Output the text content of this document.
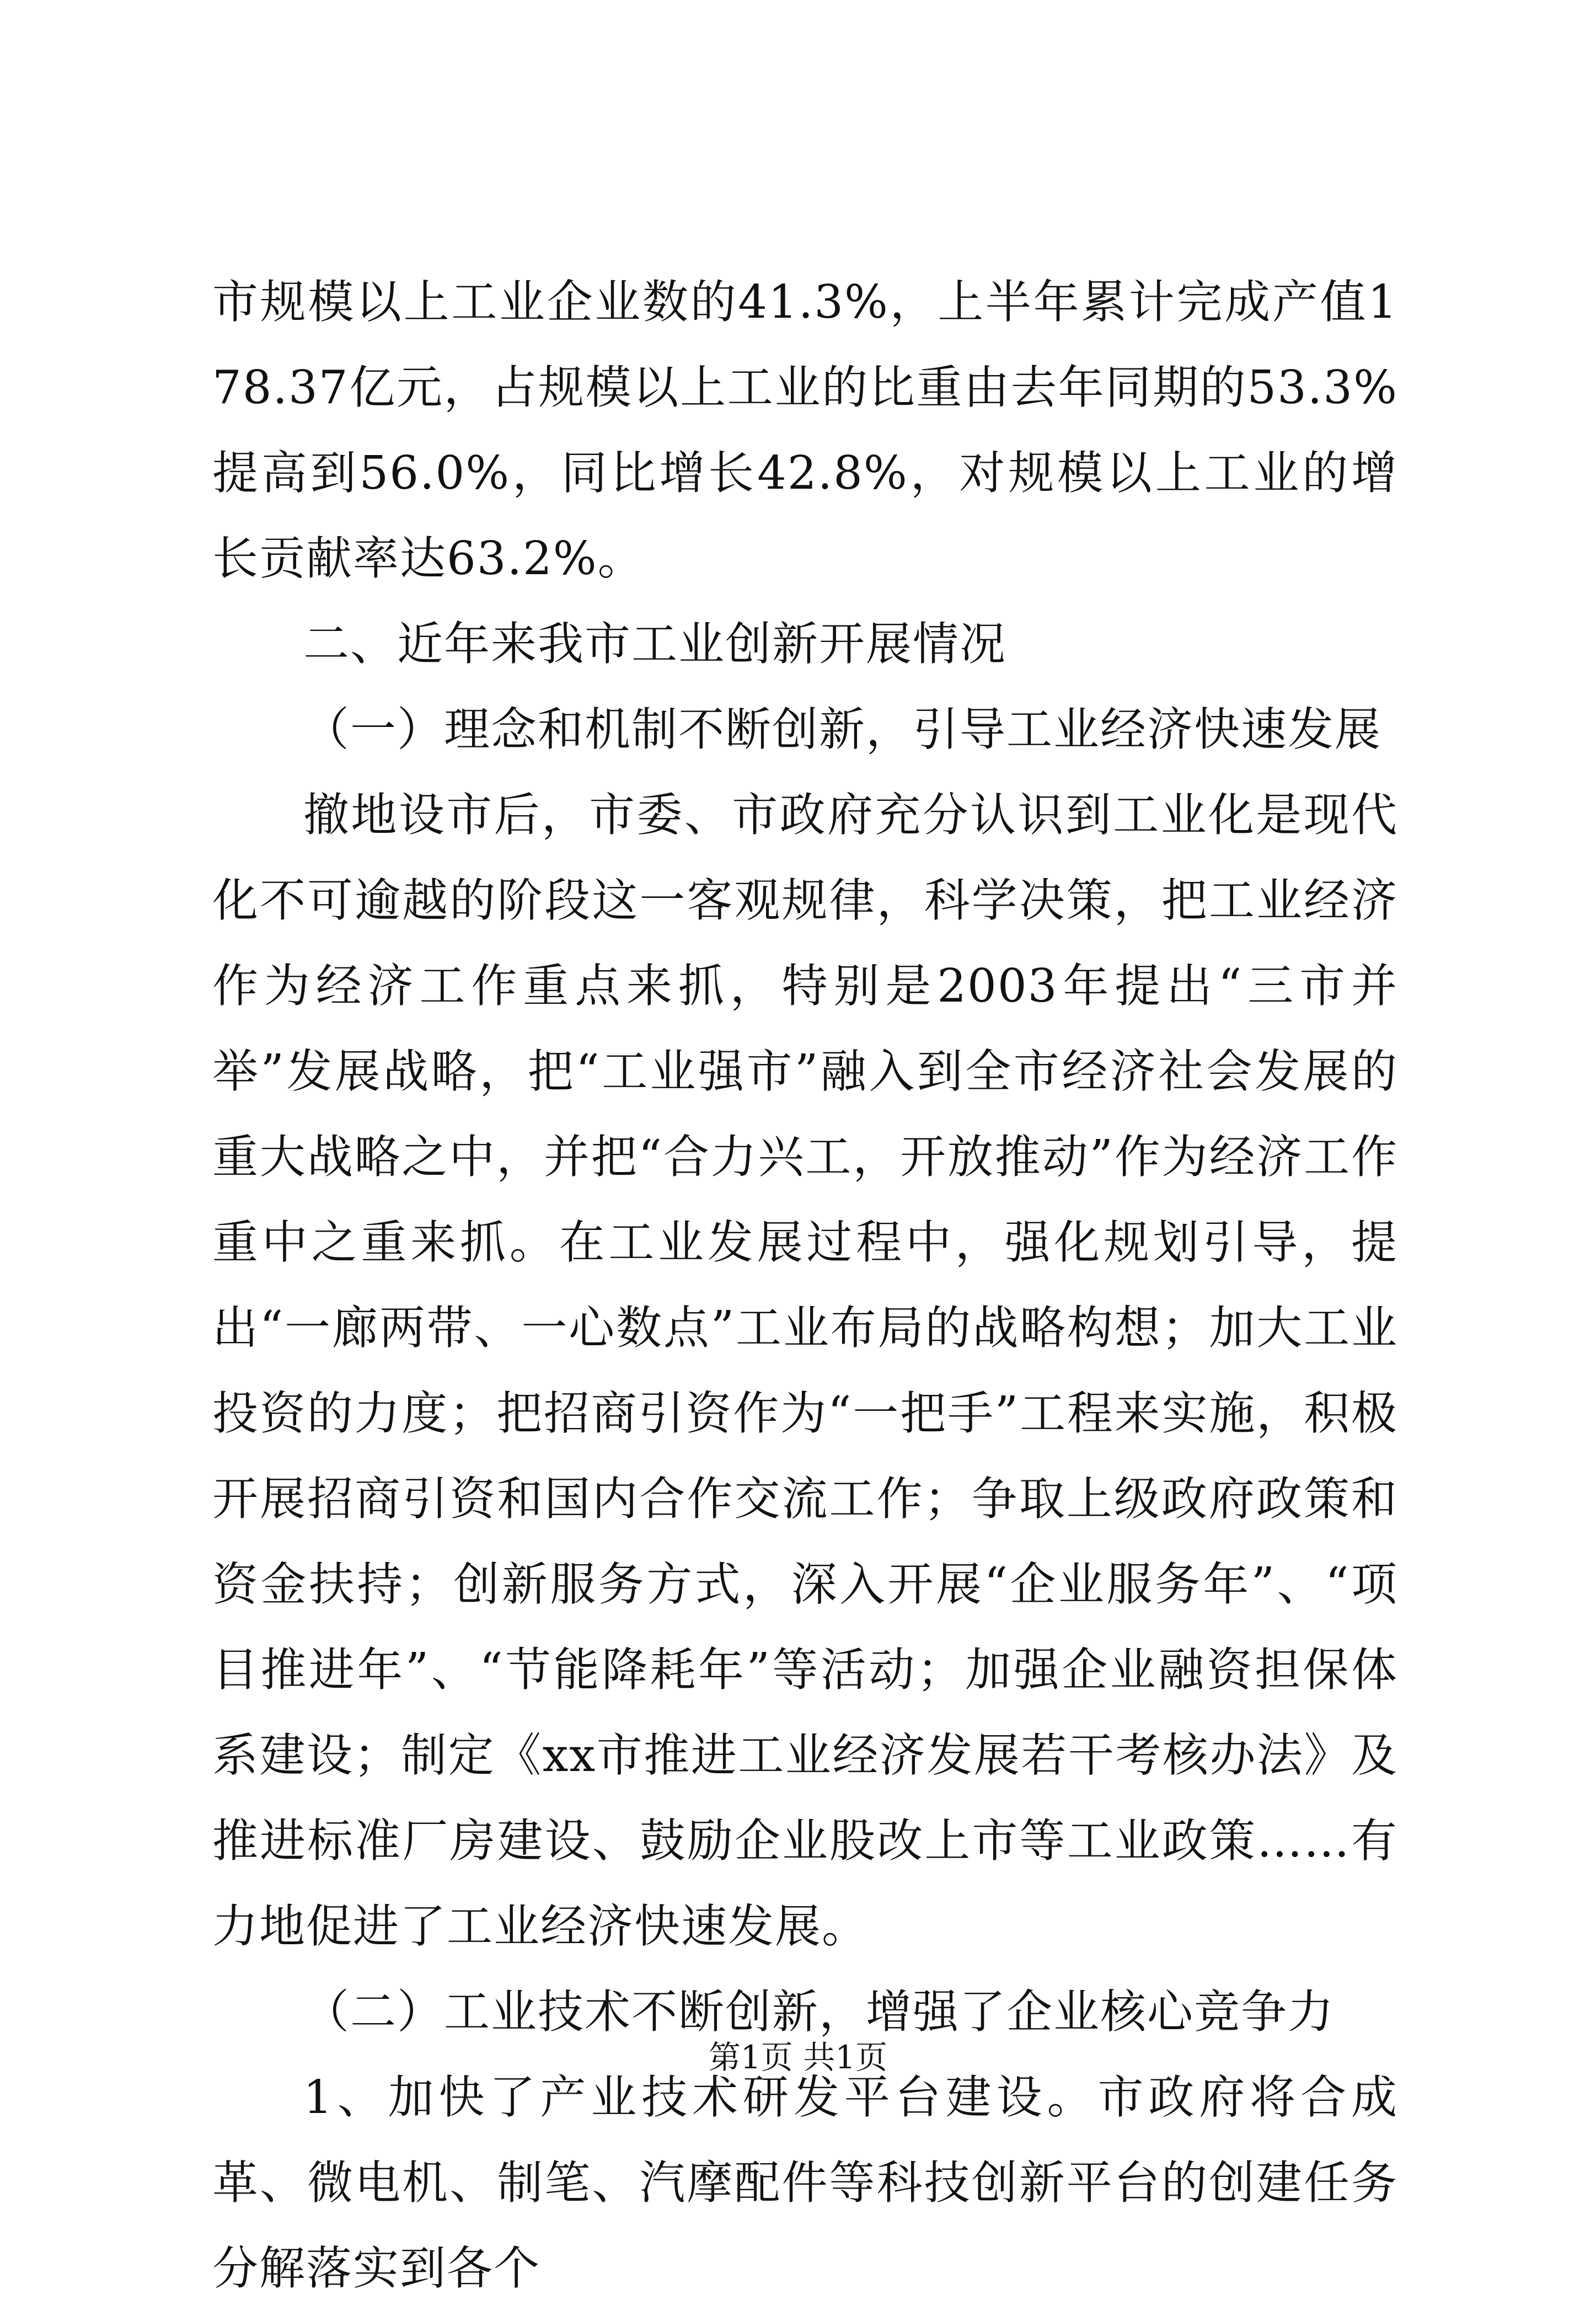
市规模以上工业企业数的41.3%，上半年累计完成产值178.37亿元，占规模以上工业的比重由去年同期的53.3%提高到56.0%，同比增长42.8%，对规模以上工业的增长贡献率达63.2%。

二、近年来我市工业创新开展情况

（一）理念和机制不断创新，引导工业经济快速发展

撤地设市后，市委、市政府充分认识到工业化是现代化不可逾越的阶段这一客观规律，科学决策，把工业经济作为经济工作重点来抓，特别是2003年提出“三市并举”发展战略，把“工业强市”融入到全市经济社会发展的重大战略之中，并把“合力兴工，开放推动”作为经济工作重中之重来抓。在工业发展过程中，强化规划引导，提出“一廊两带、一心数点”工业布局的战略构想；加大工业投资的力度；把招商引资作为“一把手”工程来实施，积极开展招商引资和国内合作交流工作；争取上级政府政策和资金扶持；创新服务方式，深入开展“企业服务年”、“项目推进年”、“节能降耗年”等活动；加强企业融资担保体系建设；制定《xx市推进工业经济发展若干考核办法》及推进标准厂房建设、鼓励企业股改上市等工业政策……有力地促进了工业经济快速发展。

（二）工业技术不断创新，增强了企业核心竞争力

1、加快了产业技术研发平台建设。市政府将合成革、微电机、制笔、汽摩配件等科技创新平台的创建任务分解落实到各个

第1页 共1页
